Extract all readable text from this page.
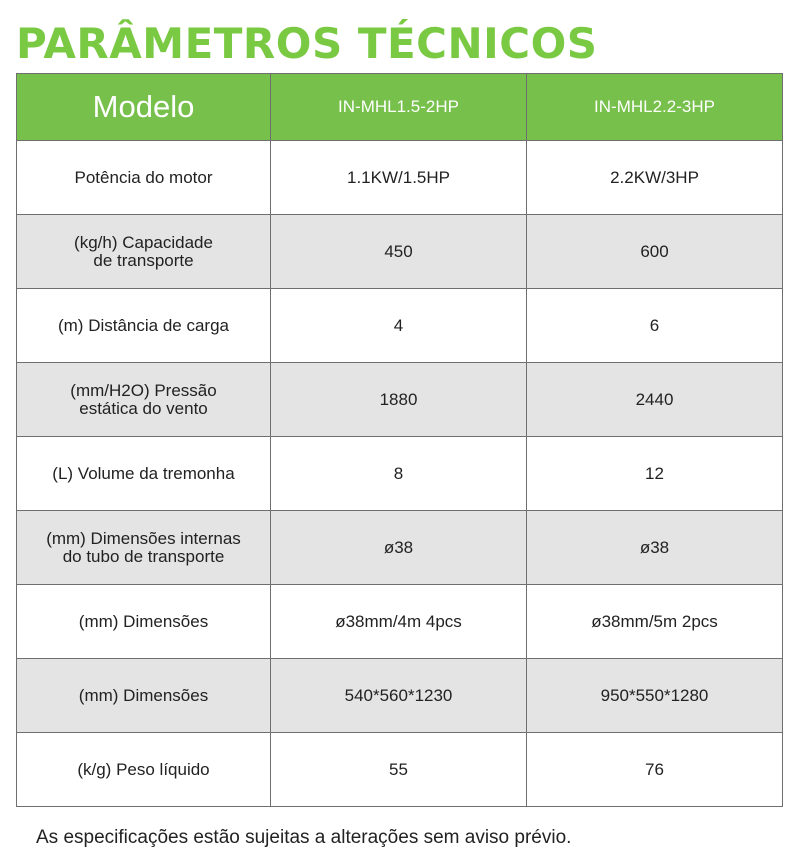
PARÂMETROS TÉCNICOS
Modelo	IN-MHL1.5-2HP	IN-MHL2.2-3HP
Potência do motor	1.1KW/1.5HP	2.2KW/3HP
(kg/h) Capacidade
de transporte	450	600
(m) Distância de carga	4	6
(mm/H2O) Pressão
estática do vento	1880	2440
(L) Volume da tremonha	8	12
(mm) Dimensões internas
do tubo de transporte	ø38	ø38
(mm) Dimensões	ø38mm/4m 4pcs	ø38mm/5m 2pcs
(mm) Dimensões	540*560*1230	950*550*1280
(k/g) Peso líquido	55	76

As especificações estão sujeitas a alterações sem aviso prévio.
